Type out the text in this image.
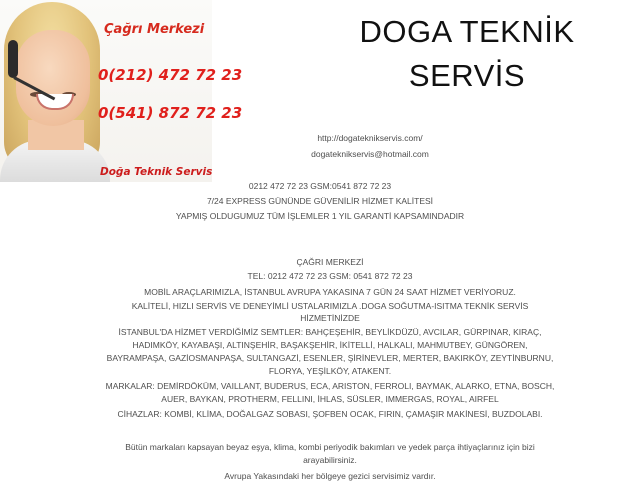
Çağrı Merkezi
0(212) 472 72 23
0(541) 872 72 23
Doğa Teknik Servis
DOGA TEKNİK
SERVİS
http://dogateknikservis.com/
dogateknikservis@hotmail.com
0212 472 72 23 GSM:0541 872 72 23
7/24 EXPRESS GÜNÜNDE GÜVENİLİR HİZMET KALİTESİ
YAPMIŞ OLDUGUMUZ TÜM İŞLEMLER 1 YIL GARANTİ KAPSAMINDADIR
ÇAĞRI MERKEZİ
TEL: 0212 472 72 23 GSM: 0541 872 72 23
MOBİL ARAÇLARIMIZLA, İSTANBUL AVRUPA YAKASINA 7 GÜN 24 SAAT HİZMET VERİYORUZ.
KALİTELİ, HIZLI SERVİS VE DENEYİMLİ USTALARIMIZLA .DOGA SOĞUTMA-ISITMA TEKNİK SERVİS
HİZMETİNİZDE
İSTANBUL'DA HİZMET VERDİĞİMİZ SEMTLER: BAHÇEŞEHİR, BEYLİKDÜZÜ, AVCILAR, GÜRPINAR, KIRAÇ,
HADIMKÖY, KAYABAŞI, ALTINŞEHİR, BAŞAKŞEHİR, İKİTELLİ, HALKALI, MAHMUTBEY, GÜNGÖREN,
BAYRAMPAŞA, GAZİOSMANPAŞA, SULTANGAZİ, ESENLER, ŞİRİNEVLER, MERTER, BAKIRKÖY, ZEYTİNBURNU,
FLORYA, YEŞİLKÖY, ATAKENT.
MARKALAR: DEMİRDÖKÜM, VAILLANT, BUDERUS, ECA, ARISTON, FERROLI, BAYMAK, ALARKO, ETNA, BOSCH,
AUER, BAYKAN, PROTHERM, FELLINI, İHLAS, SÜSLER, IMMERGAS, ROYAL, AIRFEL
CİHAZLAR: KOMBİ, KLİMA, DOĞALGAZ SOBASI, ŞOFBEN OCAK, FIRIN, ÇAMAŞIR MAKİNESİ, BUZDOLABI.
Bütün markaları kapsayan beyaz eşya, klima, kombi periyodik bakımları ve yedek parça ihtiyaçlarınız için bizi
arayabilirsiniz.
Avrupa Yakasındaki her bölgeye gezici servisimiz vardır.
